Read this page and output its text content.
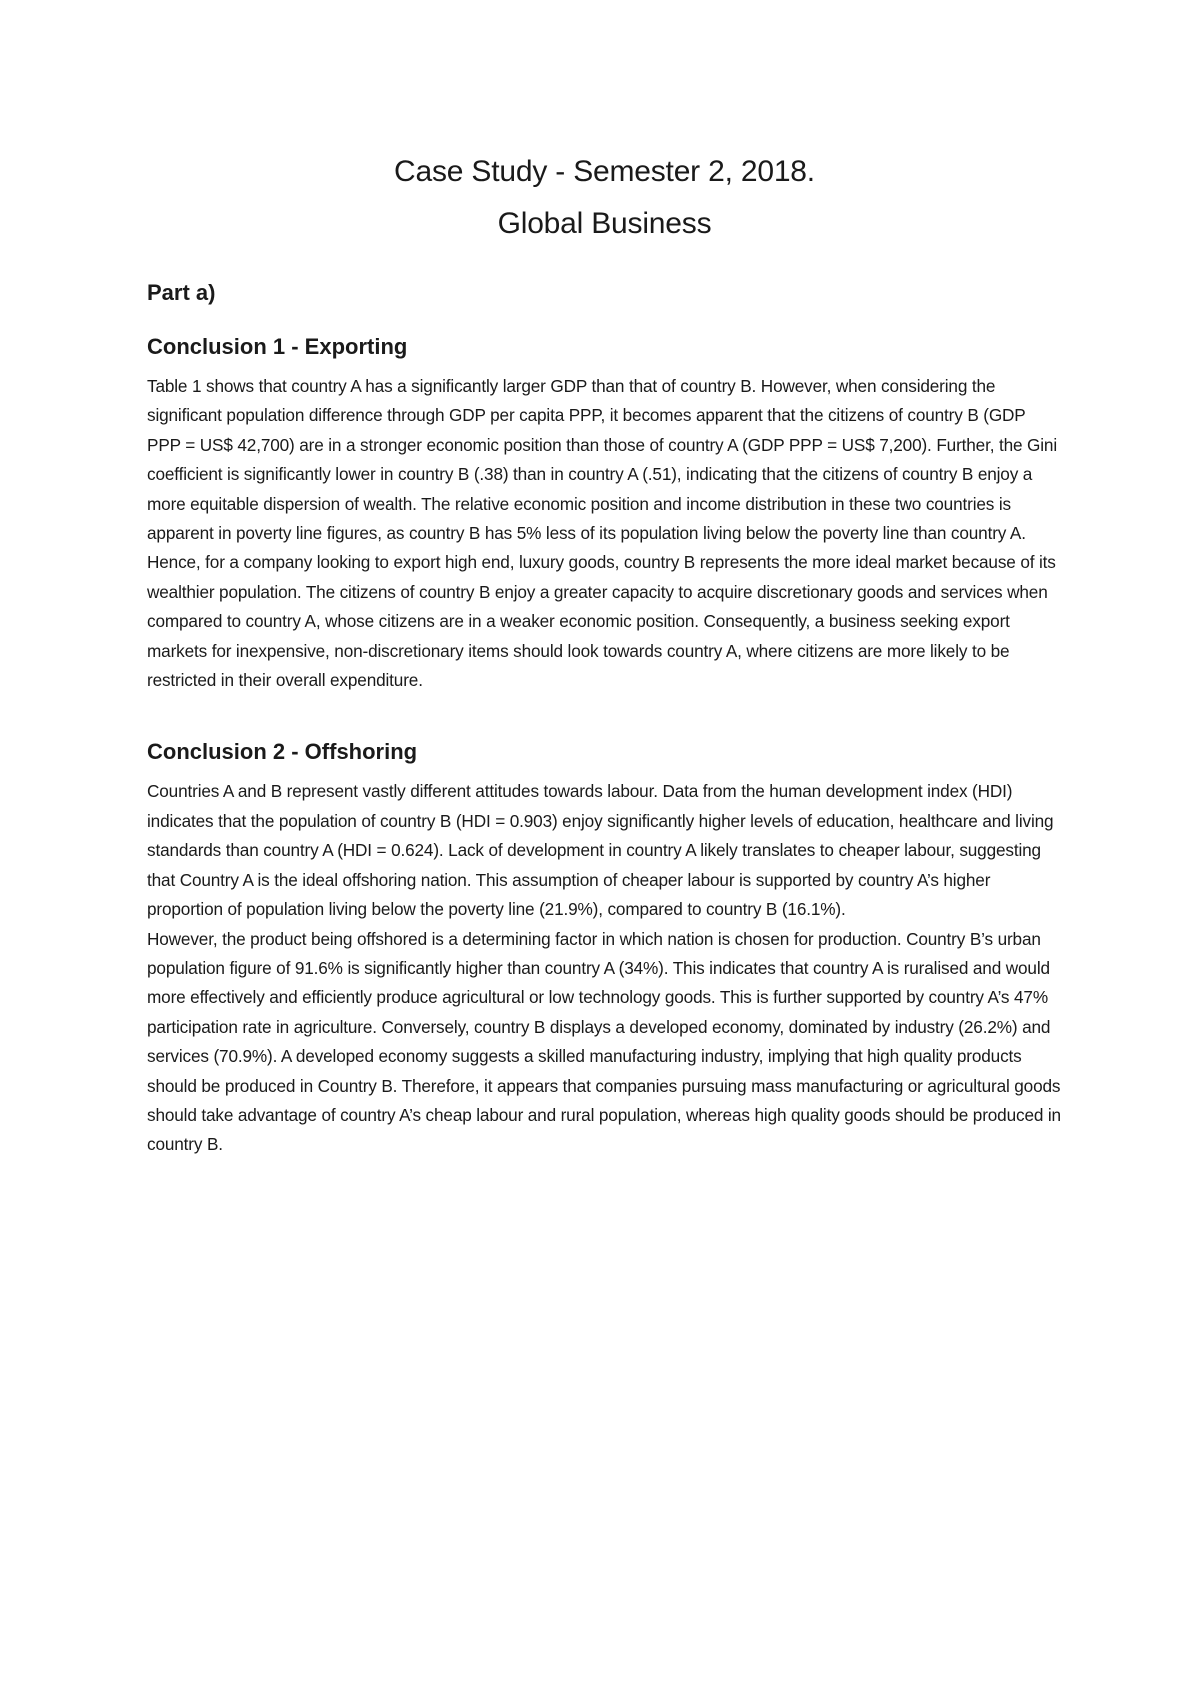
Case Study - Semester 2, 2018.
Global Business
Part a)
Conclusion 1 - Exporting

Table 1 shows that country A has a significantly larger GDP than that of country B. However, when considering the significant population difference through GDP per capita PPP, it becomes apparent that the citizens of country B (GDP PPP = US$ 42,700) are in a stronger economic position than those of country A (GDP PPP = US$ 7,200). Further, the Gini coefficient is significantly lower in country B (.38) than in country A (.51), indicating that the citizens of country B enjoy a more equitable dispersion of wealth. The relative economic position and income distribution in these two countries is apparent in poverty line figures, as country B has 5% less of its population living below the poverty line than country A.

Hence, for a company looking to export high end, luxury goods, country B represents the more ideal market because of its wealthier population. The citizens of country B enjoy a greater capacity to acquire discretionary goods and services when compared to country A, whose citizens are in a weaker economic position. Consequently, a business seeking export markets for inexpensive, non-discretionary items should look towards country A, where citizens are more likely to be restricted in their overall expenditure.

Conclusion 2 - Offshoring

Countries A and B represent vastly different attitudes towards labour. Data from the human development index (HDI) indicates that the population of country B (HDI = 0.903) enjoy significantly higher levels of education, healthcare and living standards than country A (HDI = 0.624). Lack of development in country A likely translates to cheaper labour, suggesting that Country A is the ideal offshoring nation. This assumption of cheaper labour is supported by country A’s higher proportion of population living below the poverty line (21.9%), compared to country B (16.1%).

However, the product being offshored is a determining factor in which nation is chosen for production. Country B’s urban population figure of 91.6% is significantly higher than country A (34%). This indicates that country A is ruralised and would more effectively and efficiently produce agricultural or low technology goods. This is further supported by country A’s 47% participation rate in agriculture. Conversely, country B displays a developed economy, dominated by industry (26.2%) and services (70.9%). A developed economy suggests a skilled manufacturing industry, implying that high quality products should be produced in Country B. Therefore, it appears that companies pursuing mass manufacturing or agricultural goods should take advantage of country A’s cheap labour and rural population, whereas high quality goods should be produced in country B.
